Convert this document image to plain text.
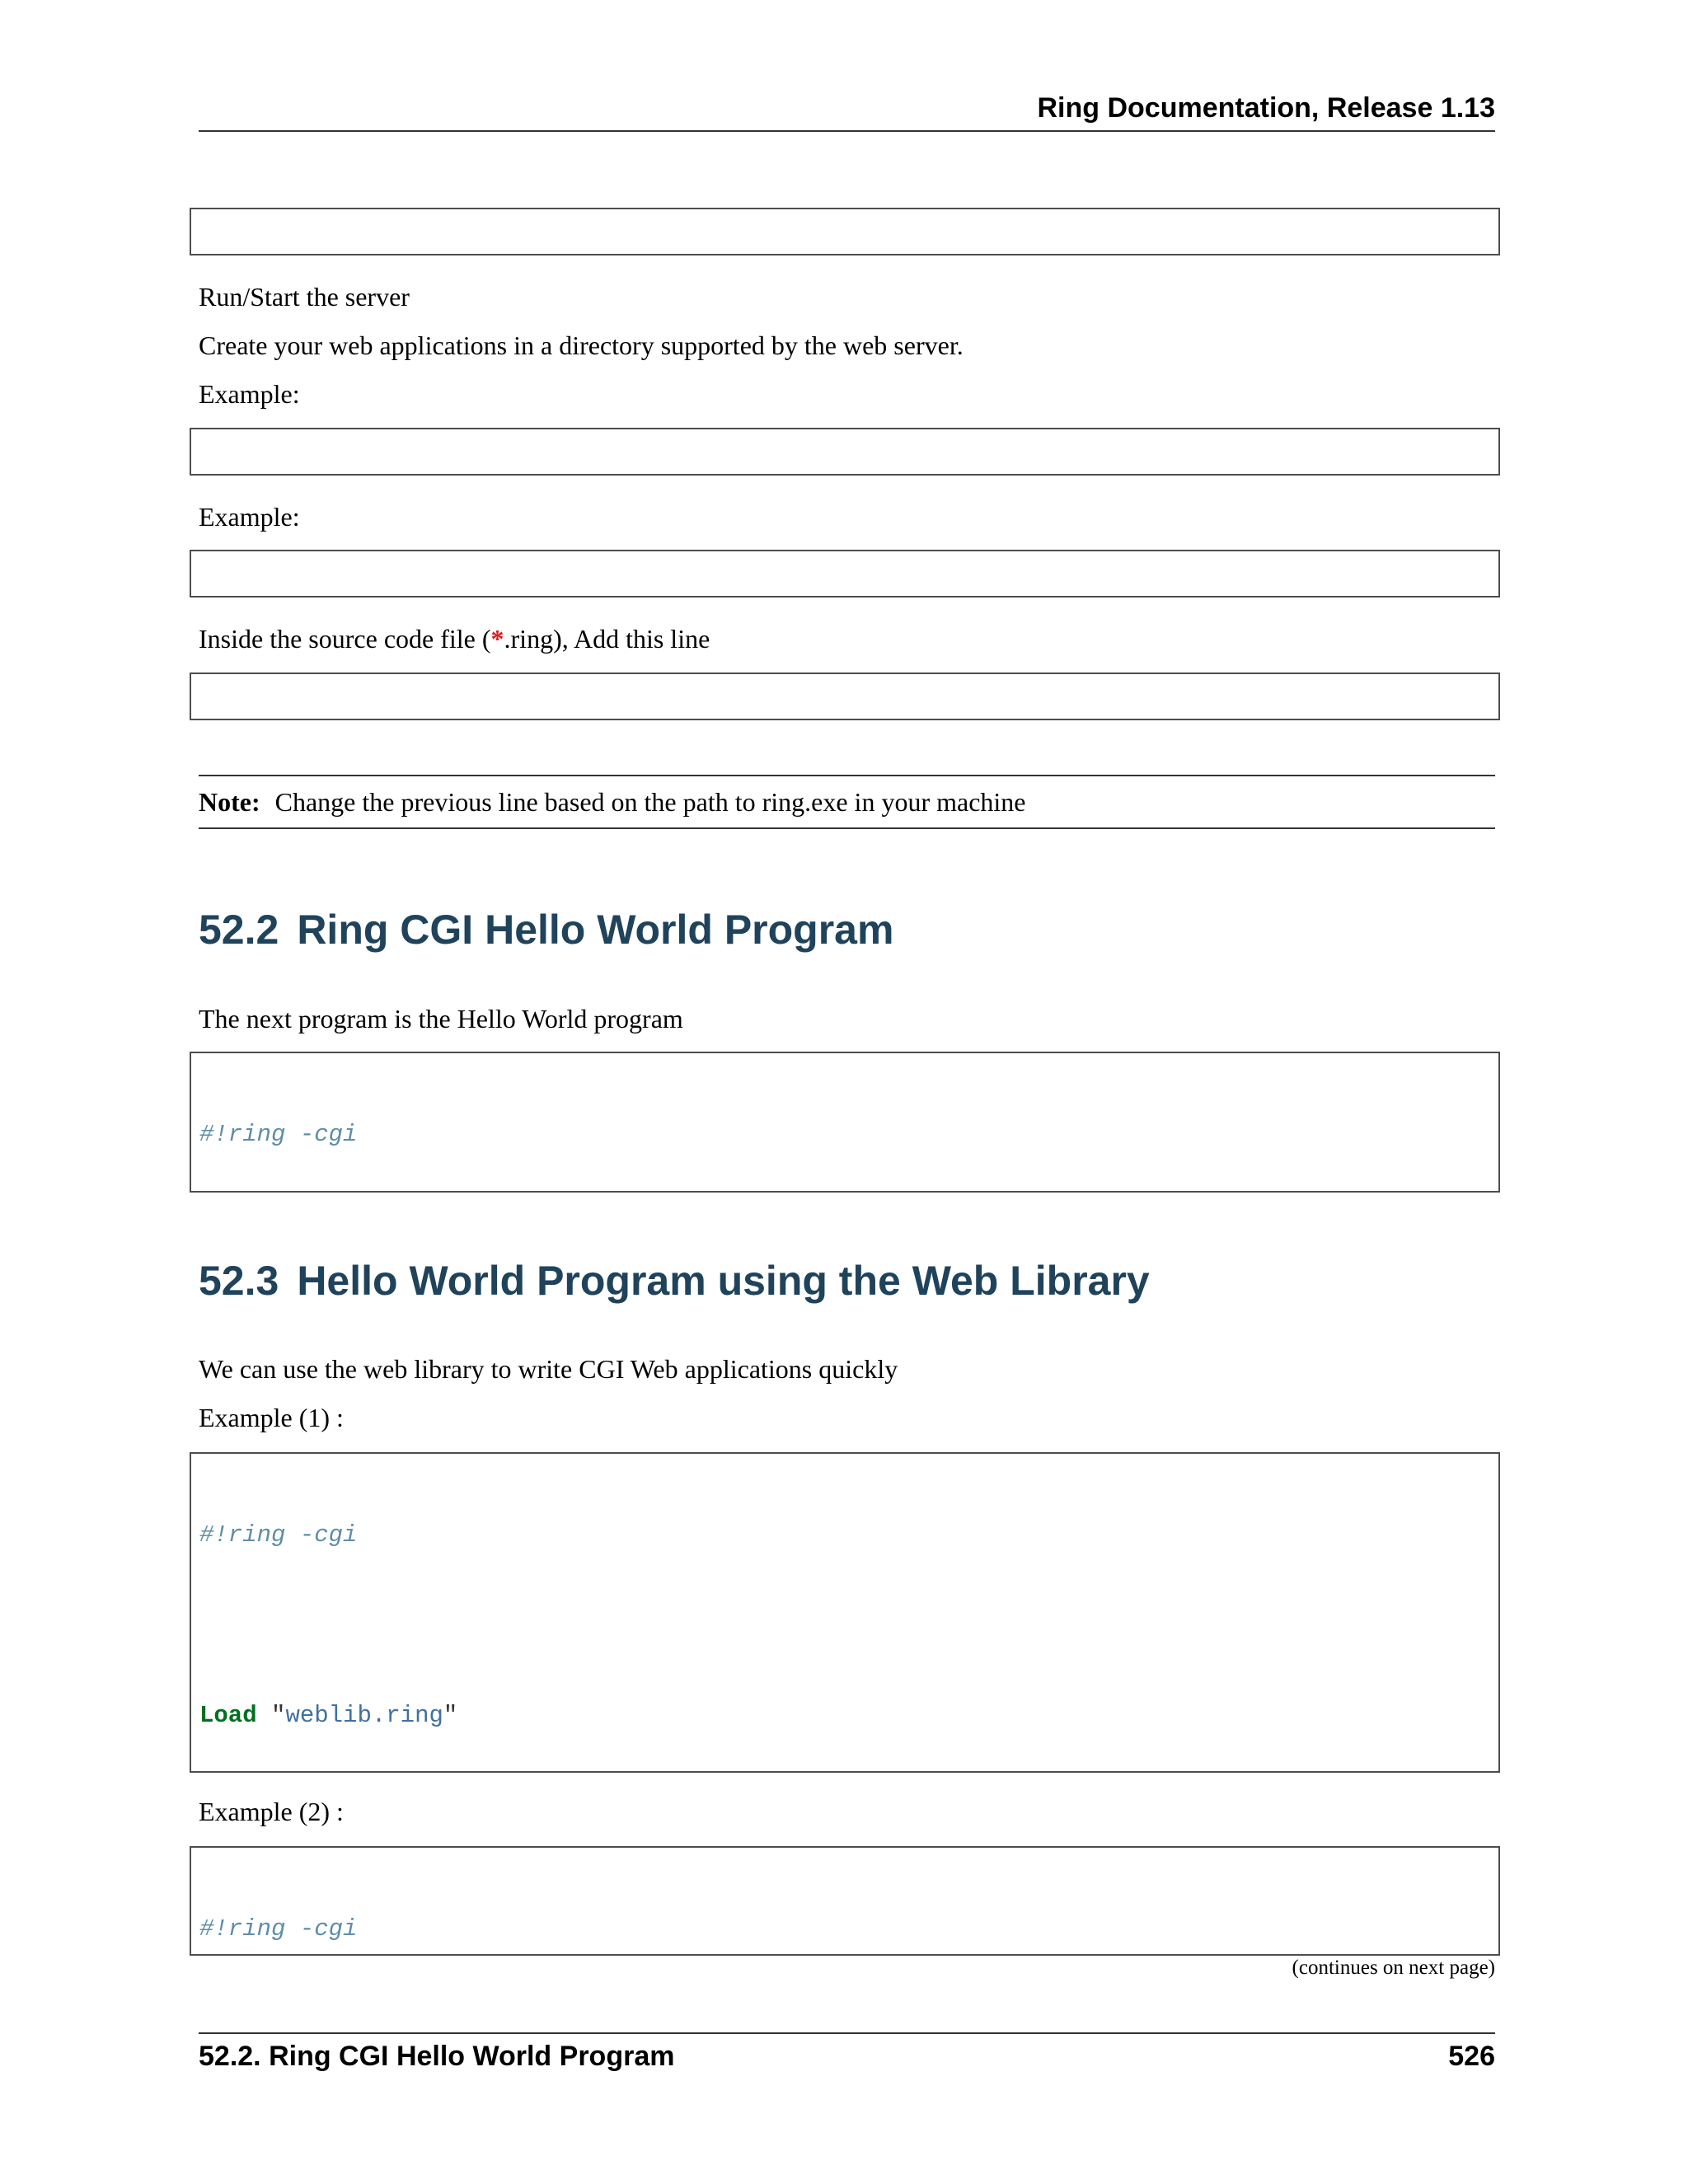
Ring Documentation, Release 1.13

Run/Start the server
Create your web applications in a directory supported by the web server.
Example:

Example:

Inside the source code file (*.ring), Add this line

Note: Change the previous line based on the path to ring.exe in your machine
52.2 Ring CGI Hello World Program
The next program is the Hello World program

#!ring -cgi

52.3 Hello World Program using the Web Library
We can use the web library to write CGI Web applications quickly
Example (1) :

#!ring -cgi

Load "weblib.ring"

Example (2) :

#!ring -cgi

(continues on next page)
52.2. Ring CGI Hello World Program	526
